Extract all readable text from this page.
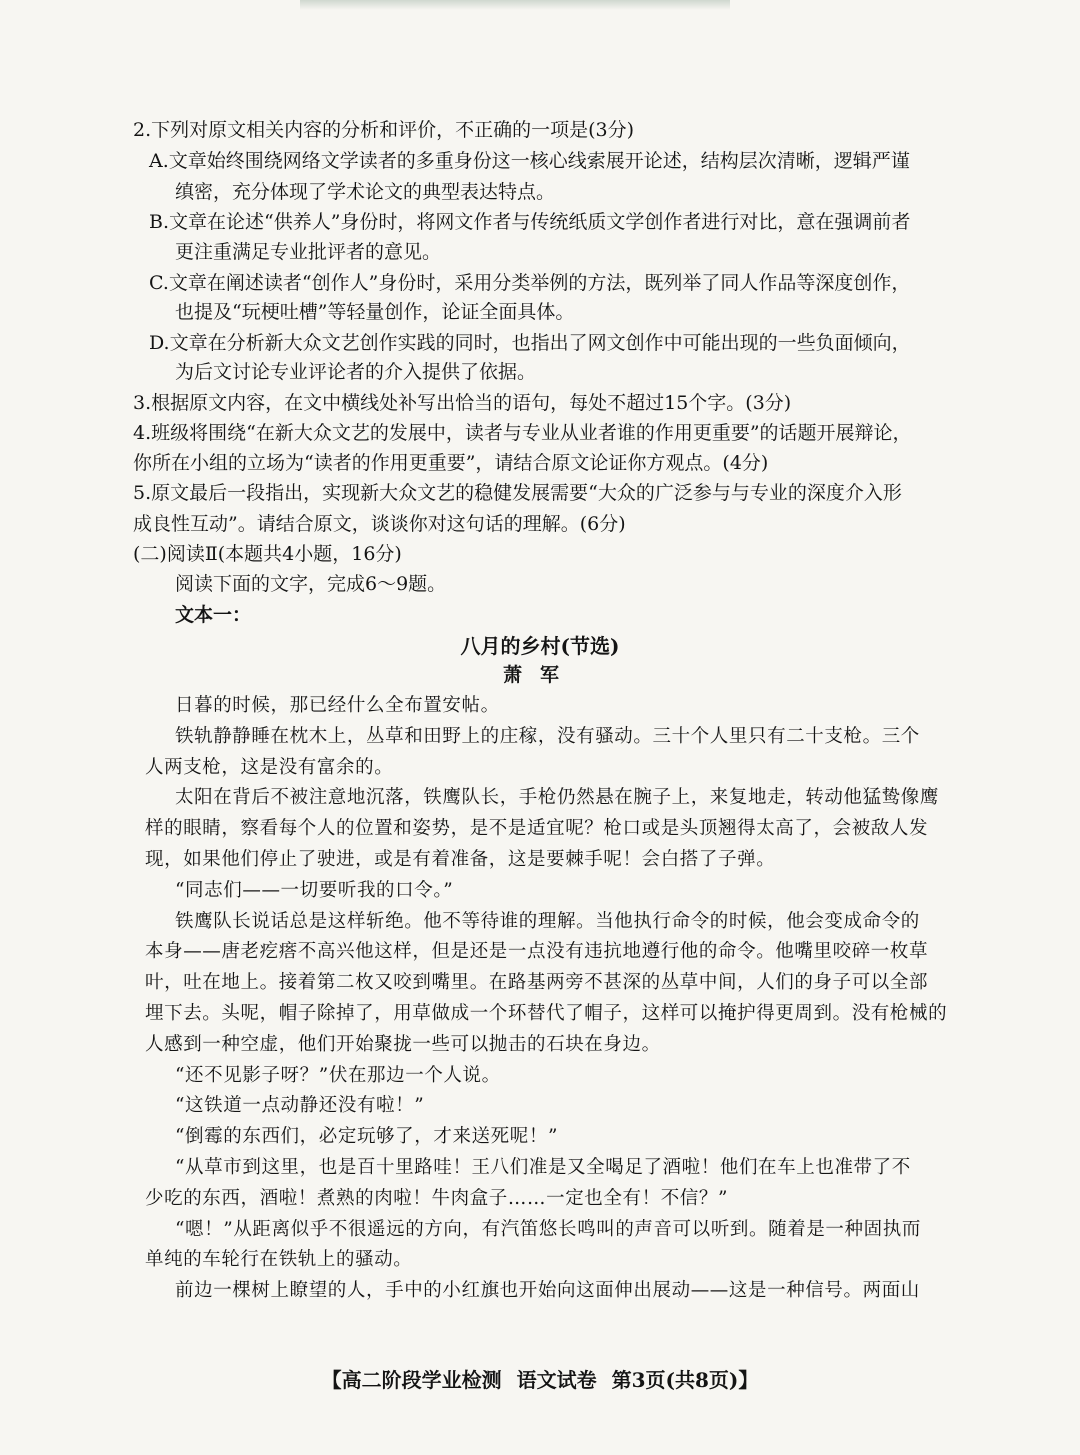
2.下列对原文相关内容的分析和评价，不正确的一项是(3分)
A.文章始终围绕网络文学读者的多重身份这一核心线索展开论述，结构层次清晰，逻辑严谨
缜密，充分体现了学术论文的典型表达特点。
B.文章在论述“供养人”身份时，将网文作者与传统纸质文学创作者进行对比，意在强调前者
更注重满足专业批评者的意见。
C.文章在阐述读者“创作人”身份时，采用分类举例的方法，既列举了同人作品等深度创作，
也提及“玩梗吐槽”等轻量创作，论证全面具体。
D.文章在分析新大众文艺创作实践的同时，也指出了网文创作中可能出现的一些负面倾向，
为后文讨论专业评论者的介入提供了依据。
3.根据原文内容，在文中横线处补写出恰当的语句，每处不超过15个字。(3分)
4.班级将围绕“在新大众文艺的发展中，读者与专业从业者谁的作用更重要”的话题开展辩论，
你所在小组的立场为“读者的作用更重要”，请结合原文论证你方观点。(4分)
5.原文最后一段指出，实现新大众文艺的稳健发展需要“大众的广泛参与与专业的深度介入形
成良性互动”。请结合原文，谈谈你对这句话的理解。(6分)
(二)阅读Ⅱ(本题共4小题，16分)
阅读下面的文字，完成6～9题。
文本一：
八月的乡村(节选)
萧军
日暮的时候，那已经什么全布置安帖。
铁轨静静睡在枕木上，丛草和田野上的庄稼，没有骚动。三十个人里只有二十支枪。三个
人两支枪，这是没有富余的。
太阳在背后不被注意地沉落，铁鹰队长，手枪仍然悬在腕子上，来复地走，转动他猛鸷像鹰
样的眼睛，察看每个人的位置和姿势，是不是适宜呢？枪口或是头顶翘得太高了，会被敌人发
现，如果他们停止了驶进，或是有着准备，这是要棘手呢！会白搭了子弹。
“同志们——一切要听我的口令。”
铁鹰队长说话总是这样斩绝。他不等待谁的理解。当他执行命令的时候，他会变成命令的
本身——唐老疙瘩不高兴他这样，但是还是一点没有违抗地遵行他的命令。他嘴里咬碎一枚草
叶，吐在地上。接着第二枚又咬到嘴里。在路基两旁不甚深的丛草中间，人们的身子可以全部
埋下去。头呢，帽子除掉了，用草做成一个环替代了帽子，这样可以掩护得更周到。没有枪械的
人感到一种空虚，他们开始聚拢一些可以抛击的石块在身边。
“还不见影子呀？”伏在那边一个人说。
“这铁道一点动静还没有啦！”
“倒霉的东西们，必定玩够了，才来送死呢！”
“从草市到这里，也是百十里路哇！王八们准是又全喝足了酒啦！他们在车上也准带了不
少吃的东西，酒啦！煮熟的肉啦！牛肉盒子……一定也全有！不信？”
“嗯！”从距离似乎不很遥远的方向，有汽笛悠长鸣叫的声音可以听到。随着是一种固执而
单纯的车轮行在铁轨上的骚动。
前边一棵树上瞭望的人，手中的小红旗也开始向这面伸出展动——这是一种信号。两面山
【高二阶段学业检测 语文试卷 第3页(共8页)】
